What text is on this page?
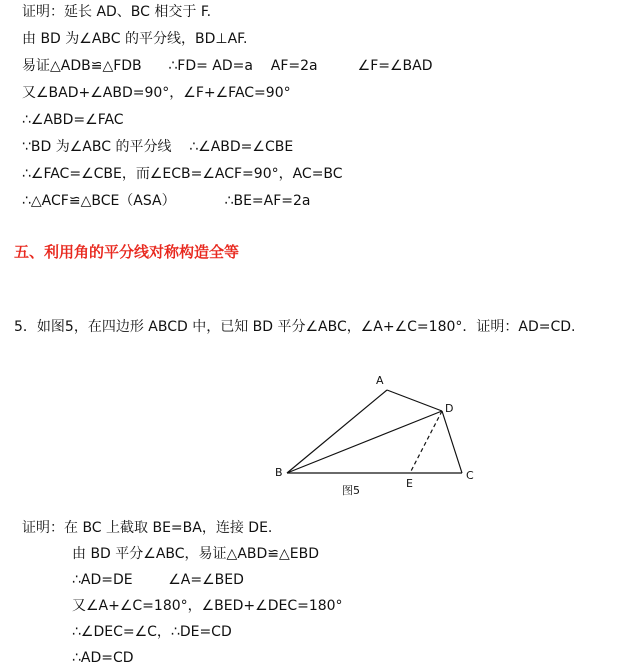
证明：延长 AD、BC 相交于 F.
由 BD 为∠ABC 的平分线，BD⊥AF.
易证△ADB≌△FDB      ∴FD= AD=a    AF=2a         ∠F=∠BAD
又∠BAD+∠ABD=90°，∠F+∠FAC=90°
∴∠ABD=∠FAC
∵BD 为∠ABC 的平分线    ∴∠ABD=∠CBE
∴∠FAC=∠CBE，而∠ECB=∠ACF=90°，AC=BC
∴△ACF≌△BCE（ASA）           ∴BE=AF=2a
五、利用角的平分线对称构造全等
5．如图5，在四边形 ABCD 中，已知 BD 平分∠ABC，∠A+∠C=180°．证明：AD=CD.
A
B	C
D
E
图5
证明：在 BC 上截取 BE=BA，连接 DE.
由 BD 平分∠ABC，易证△ABD≌△EBD
∴AD=DE        ∠A=∠BED
又∠A+∠C=180°，∠BED+∠DEC=180°
∴∠DEC=∠C，∴DE=CD
∴AD=CD
